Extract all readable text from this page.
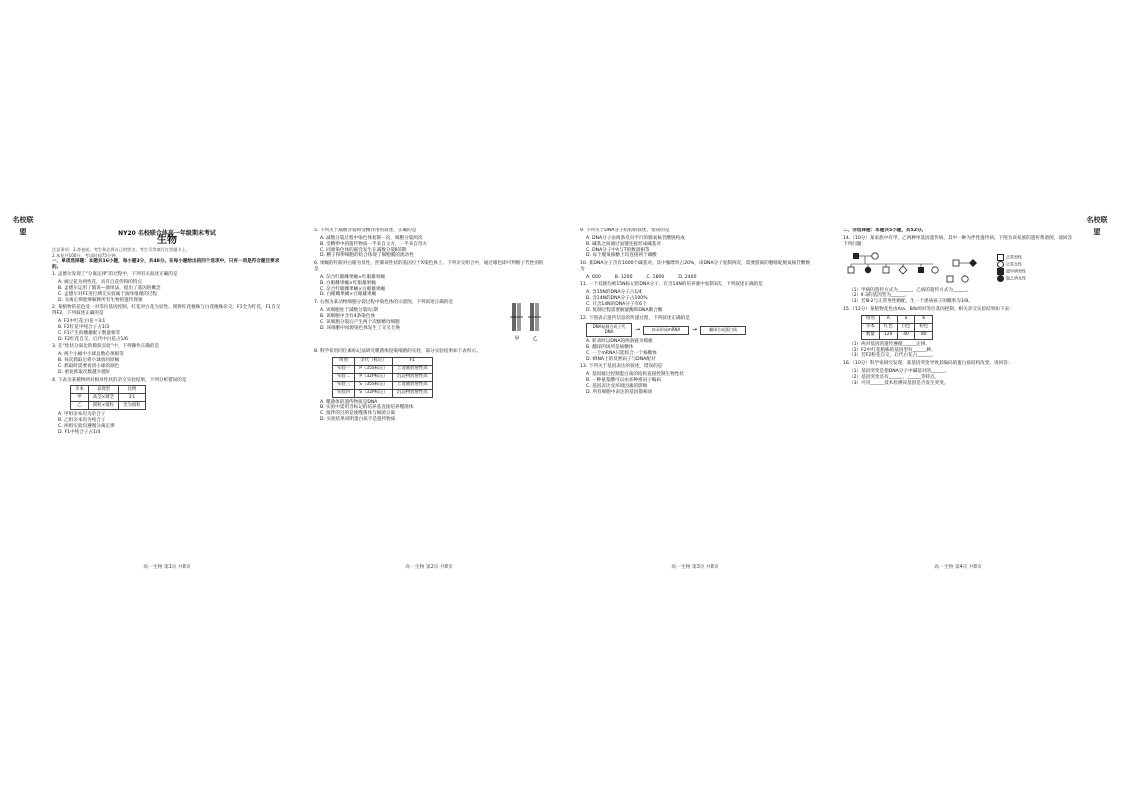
名校联盟
名校联盟
NY20 名校联合体高一年级期末考试
生物
注意事项：1.答卷前，考生务必将自己的姓名、考生号等填写在答题卡上。
2.本卷共100分，考试时间75分钟。
一、单项选择题：本题共16小题，每小题3分，共48分。在每小题给出的四个选项中，只有一项是符合题目要求的。
1. 孟德尔发现了“分离定律”的过程中，下列有关叙述正确的是
A. 豌豆花为两性花，具有自花传粉的特点
B. 孟德尔运用了假说—演绎法，提出了基因的概念
C. 孟德尔对F1进行测交实验属于演绎推理的过程
D. 分离定律能够解释所有生物的遗传现象
2. 某植物的花色受一对等位基因控制，红花对白花为显性。现将红花植株与白花植株杂交，F1全为红花，F1自交得F2，下列叙述正确的是
A. F2中红花∶白花＝3∶1
B. F2红花中纯合子占1/3
C. F1产生的雌雄配子数量相等
D. F2红花自交，后代中白花占1/6
3. 在“性状分离比的模拟实验”中，下列操作正确的是
A. 两个小桶中小球总数必须相等
B. 每次抓取后将小球放回原桶
C. 抓取时需要看清小球的颜色
D. 重复抓取次数越少越好
4. 下表为某植物两对相对性状的杂交实验结果，下列分析错误的是
亲本	表现型	比例
甲	高茎×矮茎	3∶1
乙	圆粒×皱粒	全为圆粒
A. 甲组亲本均为杂合子
B. 乙组亲本均为纯合子
C. 两组实验均遵循分离定律
D. F1中纯合子占1/4
高一生物 第1页 共8页
5. 下列关于减数分裂和受精作用的叙述，正确的是
A. 减数分裂过程中染色体复制一次，细胞分裂两次
B. 受精卵中的遗传物质一半来自父方，一半来自母方
C. 同源染色体的联会发生在减数分裂Ⅱ前期
D. 精子和卵细胞的结合体现了细胞膜的流动性
6. 果蝇的红眼对白眼为显性，控制该性状的基因位于X染色体上。下列杂交组合中，通过眼色即可判断子代性别的是
A. 杂合红眼雌果蝇×红眼雄果蝇
B. 白眼雌果蝇×红眼雄果蝇
C. 杂合红眼雌果蝇×白眼雄果蝇
D. 白眼雌果蝇×白眼雄果蝇
7. 右图为某动物细胞分裂过程中染色体的示意图，下列叙述正确的是
A. 该细胞处于减数分裂Ⅰ后期
B. 该细胞中含有4条染色体
C. 该细胞分裂后产生两个次级精母细胞
D. 该细胞中同源染色体发生了交叉互换
甲	乙
8. 科学家用同位素标记法研究噬菌体侵染细菌的实验，部分实验结果如下表所示。
组别	亲代（标记）	F1
实验一	P（35S标记）	上清液放射性高
实验二	P（32P标记）	沉淀物放射性高
实验三	S（35S标记）	上清液放射性高
实验四	S（32P标记）	沉淀物放射性高
A. 噬菌体的遗传物质是DNA
B. 实验中需用含标记的培养基直接培养噬菌体
C. 搅拌的目的是使噬菌体与细菌分离
D. 实验结果说明蛋白质不是遗传物质
高一生物 第2页 共8页
9. 下列关于DNA分子结构的叙述，错误的是
A. DNA分子由两条反向平行的脱氧核苷酸链构成
B. 碱基之间通过氢键连接形成碱基对
C. DNA分子中A与T的数量相等
D. 每个脱氧核糖上均连接两个磷酸
10. 某DNA分子含有1000个碱基对，其中腺嘌呤占20%，该DNA分子复制两次，需要游离的胞嘧啶脱氧核苷酸数为
A. 600	B. 1200	C. 1800	D. 2400
11. 一个双链均被15N标记的DNA分子，在含14N的培养液中复制3次，下列叙述正确的是
A. 含15N的DNA分子占1/4
B. 含14N的DNA分子占100%
C. 只含14N的DNA分子有6个
D. 复制过程需要解旋酶和DNA聚合酶
12. 下图表示遗传信息的传递过程，下列叙述正确的是
DNA复制合成子代DNA	→	转录形成mRNA	→	翻译合成蛋白质
A. 转录时以DNA的两条链为模板
B. 翻译的场所是核糖体
C. 一个mRNA只能结合一个核糖体
D. tRNA上的反密码子与DNA配对
13. 下列关于基因表达的叙述，错误的是
A. 基因通过控制蛋白质的结构直接控制生物性状
B. 一种氨基酸可以由多种密码子编码
C. 基因表达受环境因素的影响
D. 所有细胞中表达的基因都相同
高一生物 第3页 共8页
二、非选择题：本题共5小题，共52分。
14.（10分）某家族中有甲、乙两种单基因遗传病，其中一种为伴性遗传病。下图为该家族的遗传系谱图，请回答下列问题：
正常男性
正常女性
患甲病男性
患乙病女性
（1）甲病的遗传方式为______，乙病的遗传方式为______。
（2）Ⅱ-3的基因型为______。
（3）若Ⅲ-2与正常男性婚配，生一个患病孩子的概率为1/8。
15.（12分）某植物花色由A/a、B/b两对等位基因控制，相关杂交实验结果如下表：
组别	A	a	b
亲本	红色	白色	粉色
数量	120	40	80
（1）两对基因的遗传遵循______定律。
（2）F2中红花植株的基因型有______种。
（3）若F2粉花自交，后代白花占______。
16.（10分）科学家研究发现，某基因突变导致其编码的蛋白质结构改变。请回答：
（1）基因突变是指DNA分子中碱基对的______。
（2）基因突变具有______、______等特点。
（3）可用______技术检测该基因是否发生突变。
高一生物 第4页 共8页
